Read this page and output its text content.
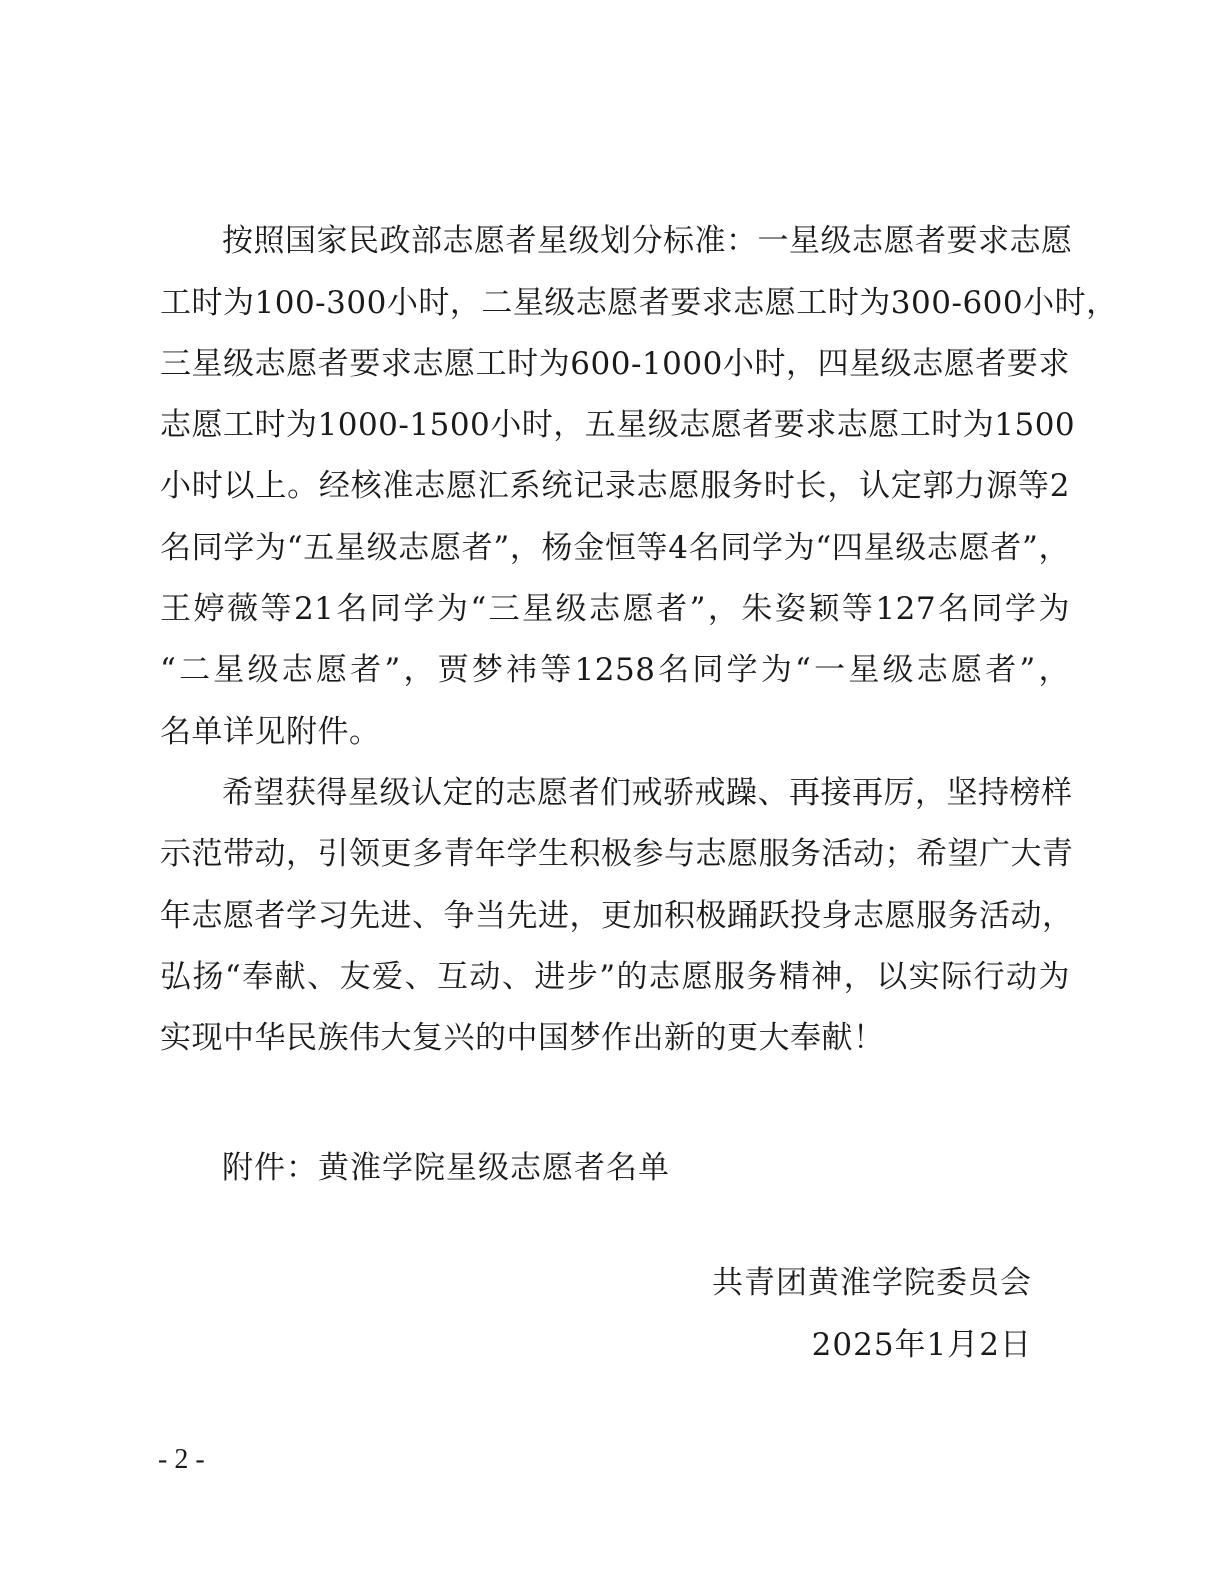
按照国家民政部志愿者星级划分标准：一星级志愿者要求志愿
工时为100-300小时，二星级志愿者要求志愿工时为300-600小时，
三星级志愿者要求志愿工时为600-1000小时，四星级志愿者要求
志愿工时为1000-1500小时，五星级志愿者要求志愿工时为1500
小时以上。经核准志愿汇系统记录志愿服务时长，认定郭力源等2
名同学为“五星级志愿者”，杨金恒等4名同学为“四星级志愿者”，
王婷薇等21名同学为“三星级志愿者”，朱姿颖等127名同学为
“二星级志愿者”，贾梦祎等1258名同学为“一星级志愿者”，
名单详见附件。
希望获得星级认定的志愿者们戒骄戒躁、再接再厉，坚持榜样
示范带动，引领更多青年学生积极参与志愿服务活动；希望广大青
年志愿者学习先进、争当先进，更加积极踊跃投身志愿服务活动，
弘扬“奉献、友爱、互动、进步”的志愿服务精神，以实际行动为
实现中华民族伟大复兴的中国梦作出新的更大奉献！
附件：黄淮学院星级志愿者名单
共青团黄淮学院委员会
2025年1月2日
- 2 -
